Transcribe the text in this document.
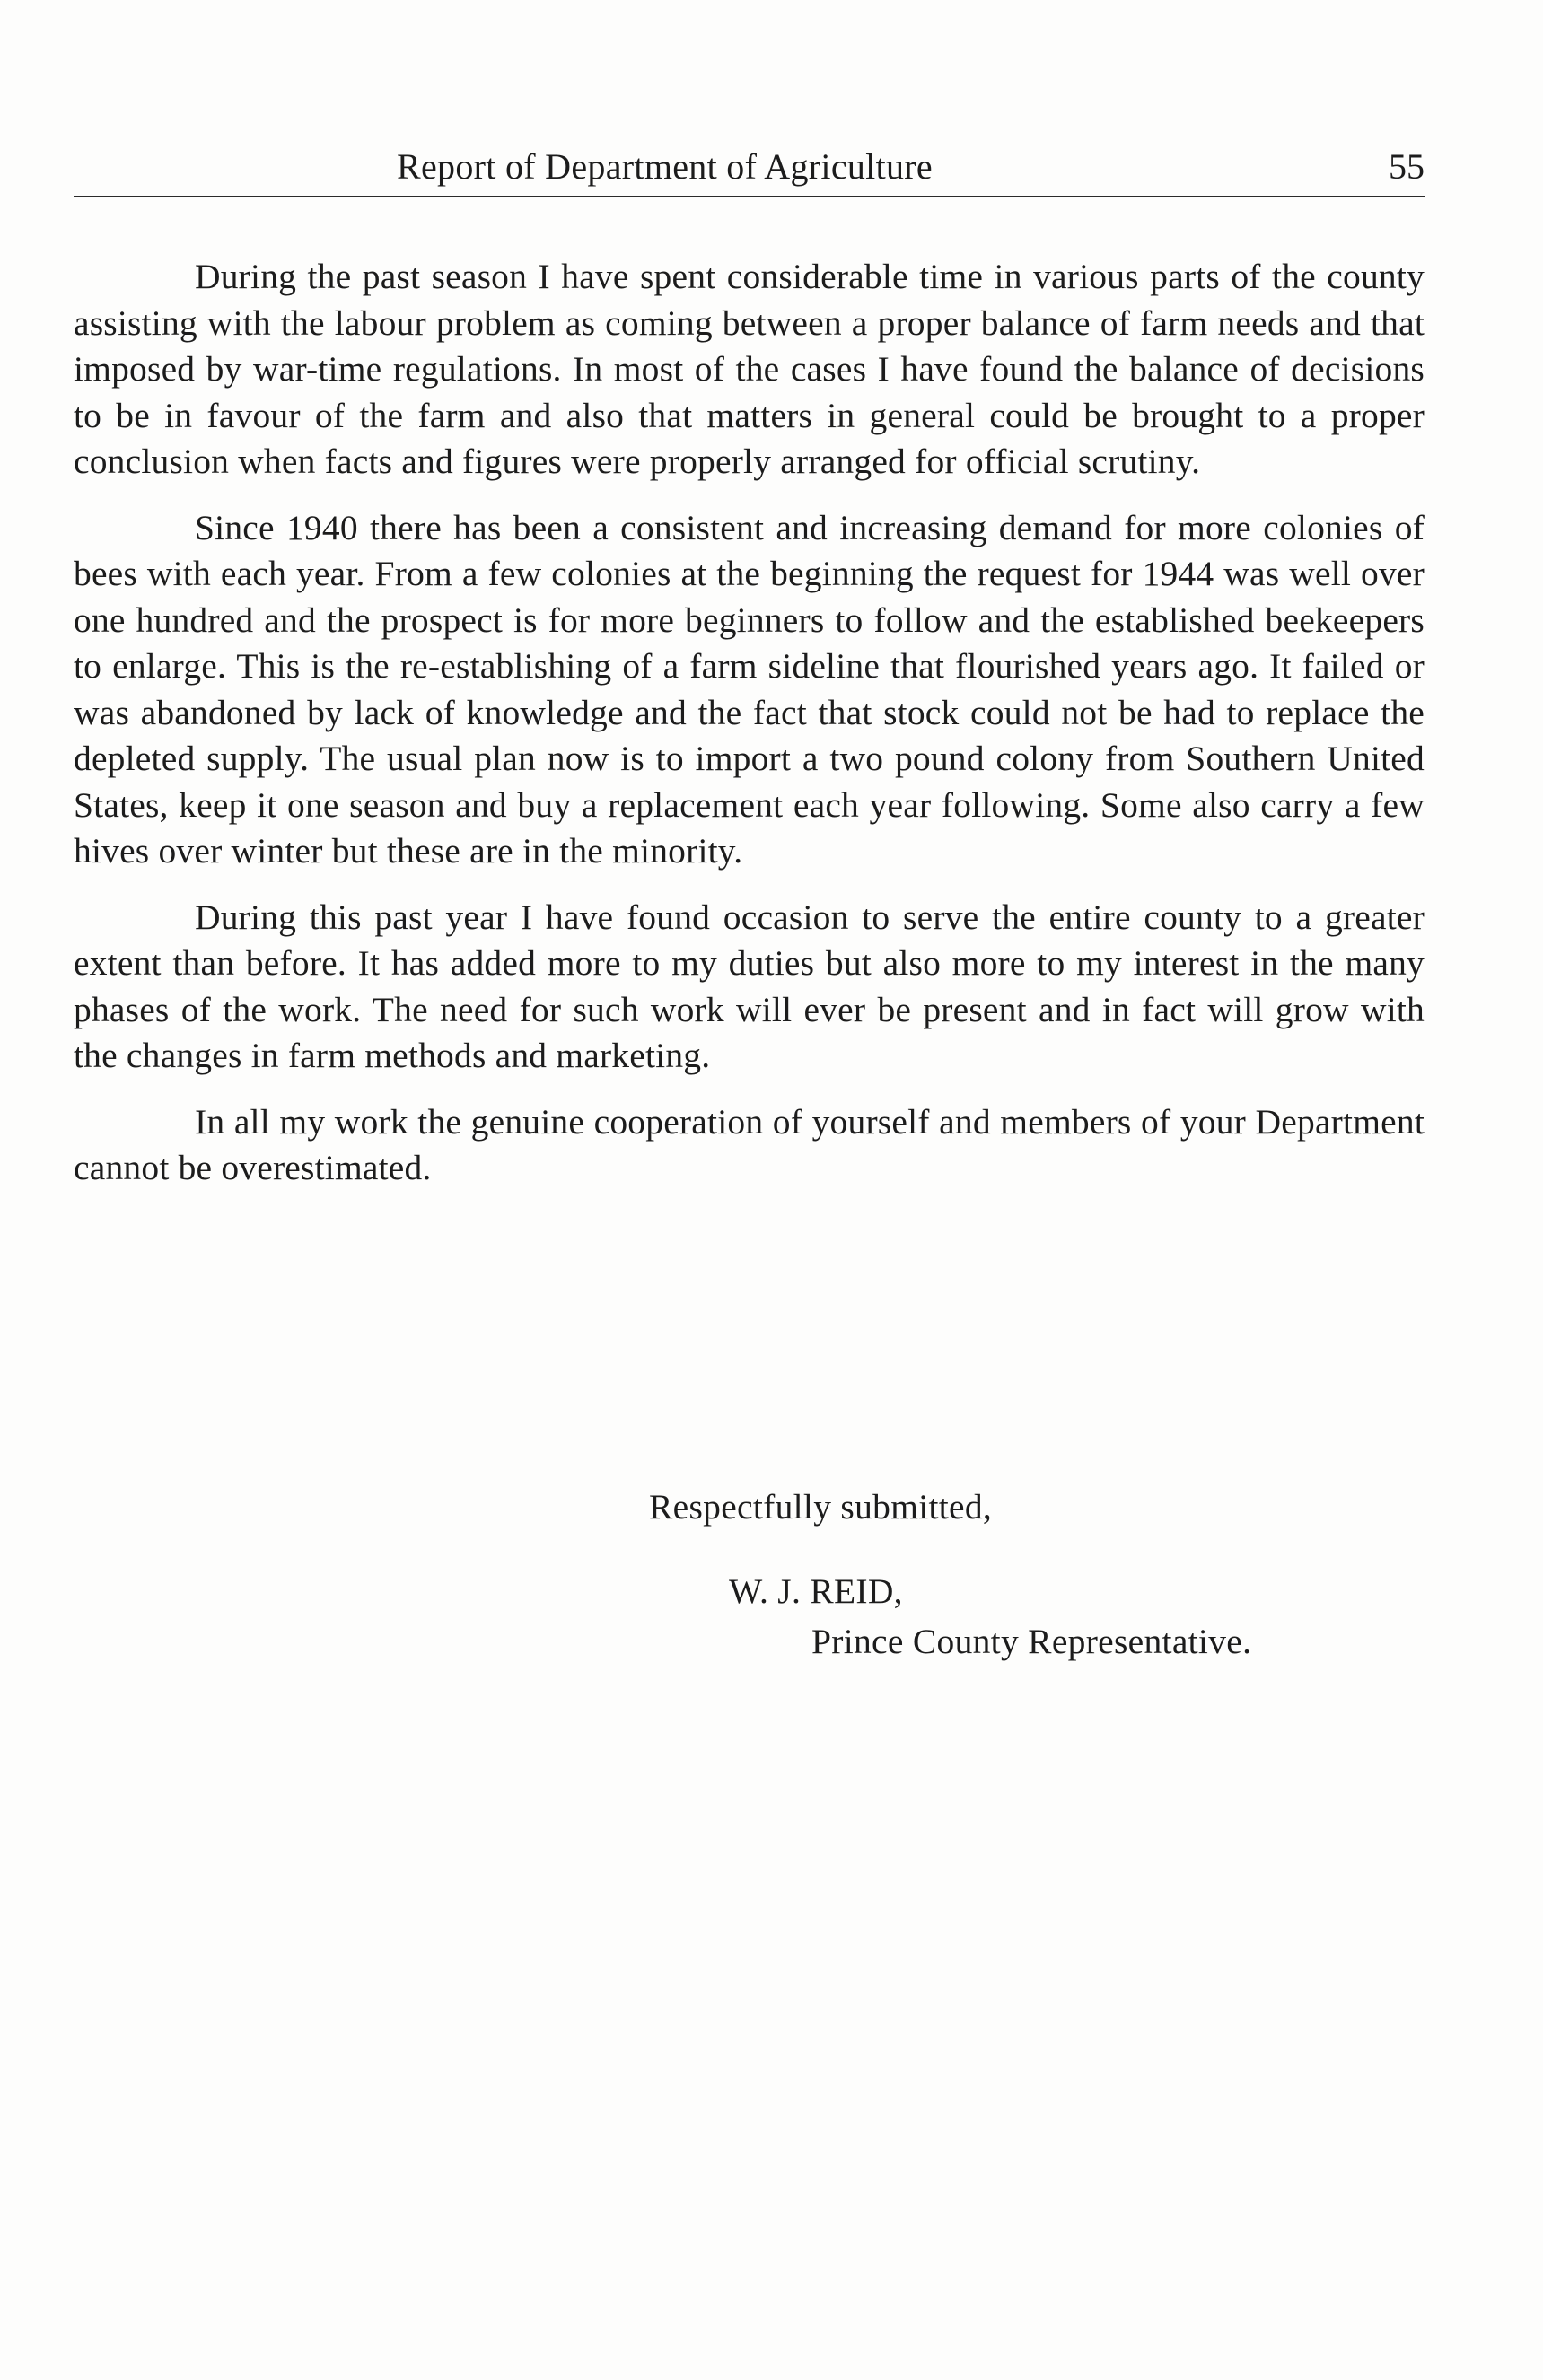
Report of Department of Agriculture	55

During the past season I have spent considerable time in various parts of the county assisting with the labour problem as coming between a proper balance of farm needs and that imposed by war-time regulations. In most of the cases I have found the balance of decisions to be in favour of the farm and also that matters in general could be brought to a proper conclusion when facts and figures were properly arranged for official scrutiny.

Since 1940 there has been a consistent and increasing demand for more colonies of bees with each year. From a few colonies at the beginning the request for 1944 was well over one hundred and the prospect is for more beginners to follow and the established beekeepers to enlarge. This is the re-establishing of a farm sideline that flourished years ago. It failed or was abandoned by lack of knowledge and the fact that stock could not be had to replace the depleted supply. The usual plan now is to import a two pound colony from Southern United States, keep it one season and buy a replacement each year following. Some also carry a few hives over winter but these are in the minority.

During this past year I have found occasion to serve the entire county to a greater extent than before. It has added more to my duties but also more to my interest in the many phases of the work. The need for such work will ever be present and in fact will grow with the changes in farm methods and marketing.

In all my work the genuine cooperation of yourself and members of your Department cannot be overestimated.

Respectfully submitted,
W. J. REID,
Prince County Representative.
